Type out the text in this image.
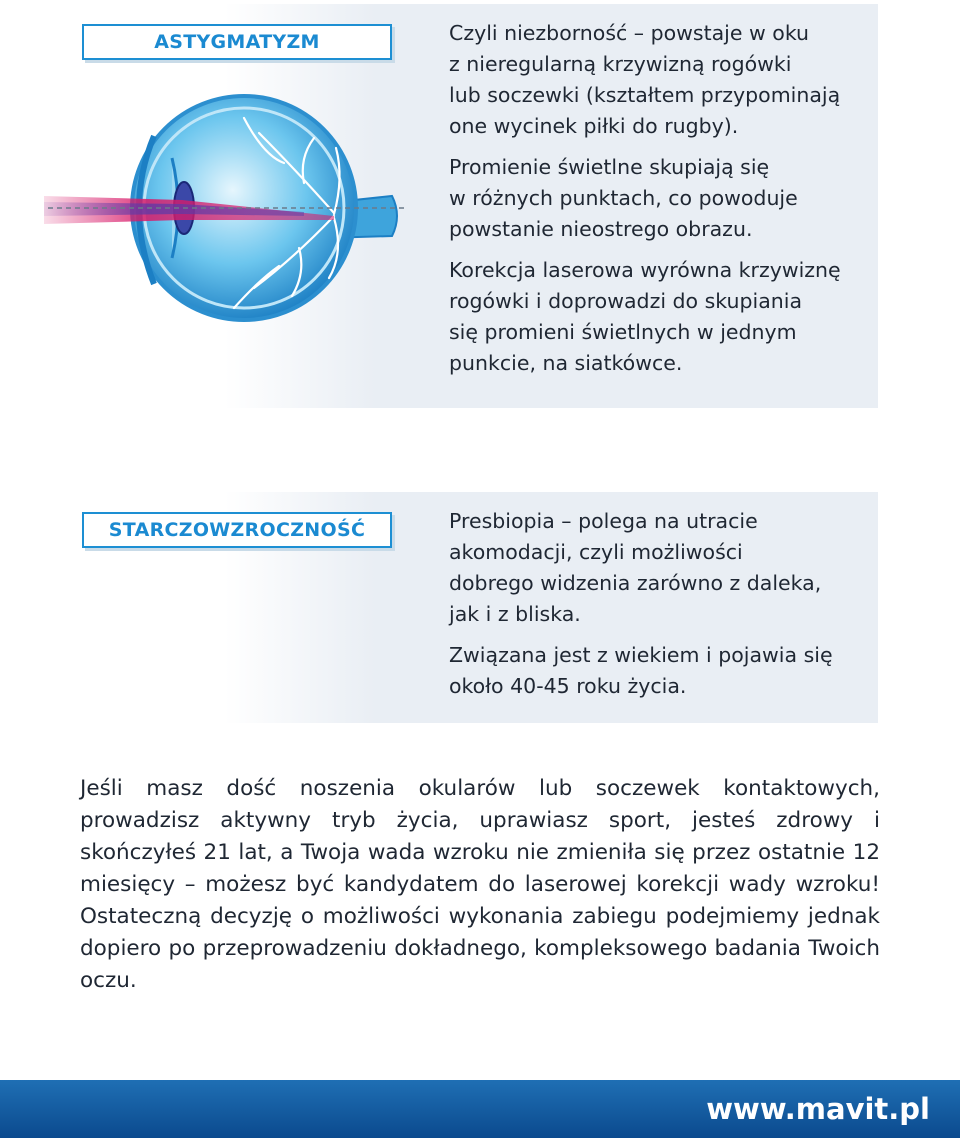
ASTYGMATYZM	Czyli niezborność – powstaje w oku
z nieregularną krzywizną rogówki
lub soczewki (kształtem przypominają
one wycinek piłki do rugby).

Promienie świetlne skupiają się
w różnych punktach, co powoduje
powstanie nieostrego obrazu.

Korekcja laserowa wyrówna krzywiznę
rogówki i doprowadzi do skupiania
się promieni świetlnych w jednym
punkcie, na siatkówce.

STARCZOWZROCZNOŚĆ	Presbiopia – polega na utracie
akomodacji, czyli możliwości
dobrego widzenia zarówno z daleka,
jak i z bliska.

Związana jest z wiekiem i pojawia się
około 40-45 roku życia.

Jeśli masz dość noszenia okularów lub soczewek kontaktowych, prowadzisz aktywny tryb życia, uprawiasz sport, jesteś zdrowy i skończyłeś 21 lat, a Twoja wada wzroku nie zmieniła się przez ostatnie 12 miesięcy – możesz być kandydatem do laserowej korekcji wady wzroku! Ostateczną decyzję o możliwości wykonania zabiegu podejmiemy jednak dopiero po przeprowadzeniu dokładnego, kompleksowego badania Twoich oczu.

www.mavit.pl
